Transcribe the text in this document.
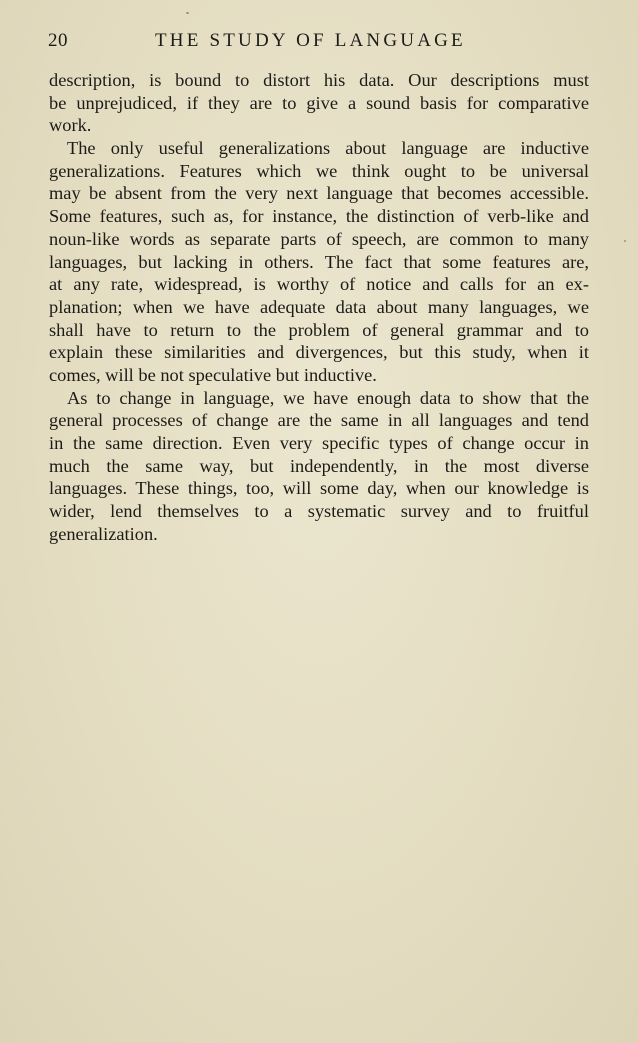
20	THE STUDY OF LANGUAGE

description, is bound to distort his data. Our descriptions must
be unprejudiced, if they are to give a sound basis for comparative
work.

The only useful generalizations about language are inductive
generalizations. Features which we think ought to be universal
may be absent from the very next language that becomes accessible.
Some features, such as, for instance, the distinction of verb-like and
noun-like words as separate parts of speech, are common to many
languages, but lacking in others. The fact that some features are,
at any rate, widespread, is worthy of notice and calls for an ex-
planation; when we have adequate data about many languages, we
shall have to return to the problem of general grammar and to
explain these similarities and divergences, but this study, when it
comes, will be not speculative but inductive.

As to change in language, we have enough data to show that the
general processes of change are the same in all languages and tend
in the same direction. Even very specific types of change occur in
much the same way, but independently, in the most diverse
languages. These things, too, will some day, when our knowledge is
wider, lend themselves to a systematic survey and to fruitful
generalization.
